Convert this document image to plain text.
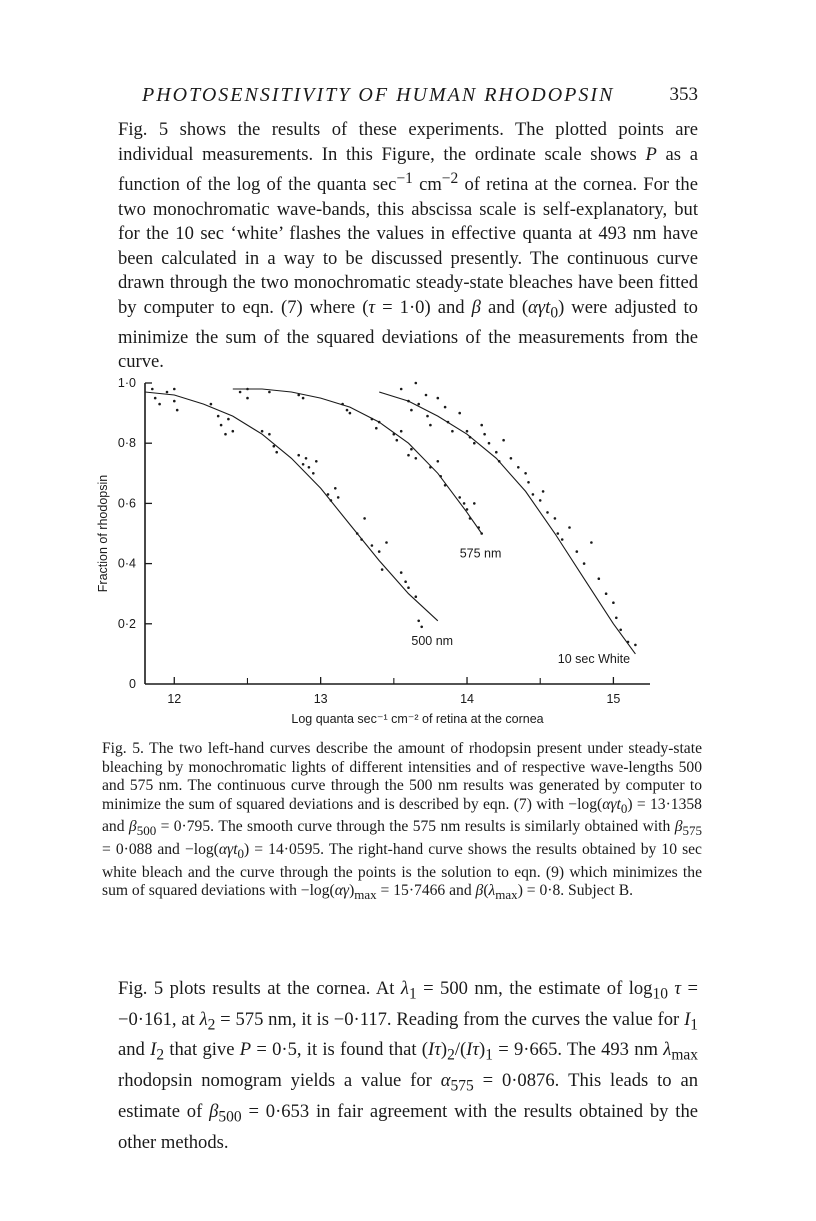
PHOTOSENSITIVITY OF HUMAN RHODOPSIN	353

Fig. 5 shows the results of these experiments. The plotted points are individual measurements. In this Figure, the ordinate scale shows P as a function of the log of the quanta $\sec^{-1} cm^{-2}$ of retina at the cornea. For the two monochromatic wave-bands, this abscissa scale is self-explanatory, but for the 10 sec ‘white’ flashes the values in effective quanta at 493 nm have been calculated in a way to be discussed presently. The continuous curve drawn through the two monochromatic steady-state bleaches have been fitted by computer to eqn. (7) where (τ = 1·0) and β and (αγt$_0$) were adjusted to minimize the sum of the squared deviations of the measurements from the curve.

12	13	14	15
0
0·2
0·4
0·6
0·8
1·0
Log quanta sec⁻¹ cm⁻² of retina at the cornea
Fraction of rhodopsin
500 nm
575 nm
10 sec White

Fig. 5. The two left-hand curves describe the amount of rhodopsin present under steady-state bleaching by monochromatic lights of different intensities and of respective wave-lengths 500 and 575 nm. The continuous curve through the 500 nm results was generated by computer to minimize the sum of squared deviations and is described by eqn. (7) with −log(αγt$_0$) = 13·1358 and $\beta_{500} = 0\cdot 795$. The smooth curve through the 575 nm results is similarly obtained with $\beta_{575} = 0\cdot 088$ and −log(αγt$_0$) = 14·0595. The right-hand curve shows the results obtained by 10 sec white bleach and the curve through the points is the solution to eqn. (9) which minimizes the sum of squared deviations with $-\log(\alpha\gamma)_{max} = 15\cdot 7466$ and $\beta(\lambda_{max}) = 0\cdot 8$. Subject B.

Fig. 5 plots results at the cornea. At $\lambda_1 = 500$ nm, the estimate of $\log_{10} \tau = -0\cdot 161$, at $\lambda_2 = 575$ nm, it is −0·117. Reading from the curves the value for $I_1$ and $I_2$ that give P = 0·5, it is found that $(I\tau)_2/(I\tau)_1 = 9\cdot 665$. The 493 nm $\lambda_{max}$ rhodopsin nomogram yields a value for $\alpha_{575} = 0\cdot 0876$. This leads to an estimate of $\beta_{500} = 0\cdot 653$ in fair agreement with the results obtained by the other methods.
